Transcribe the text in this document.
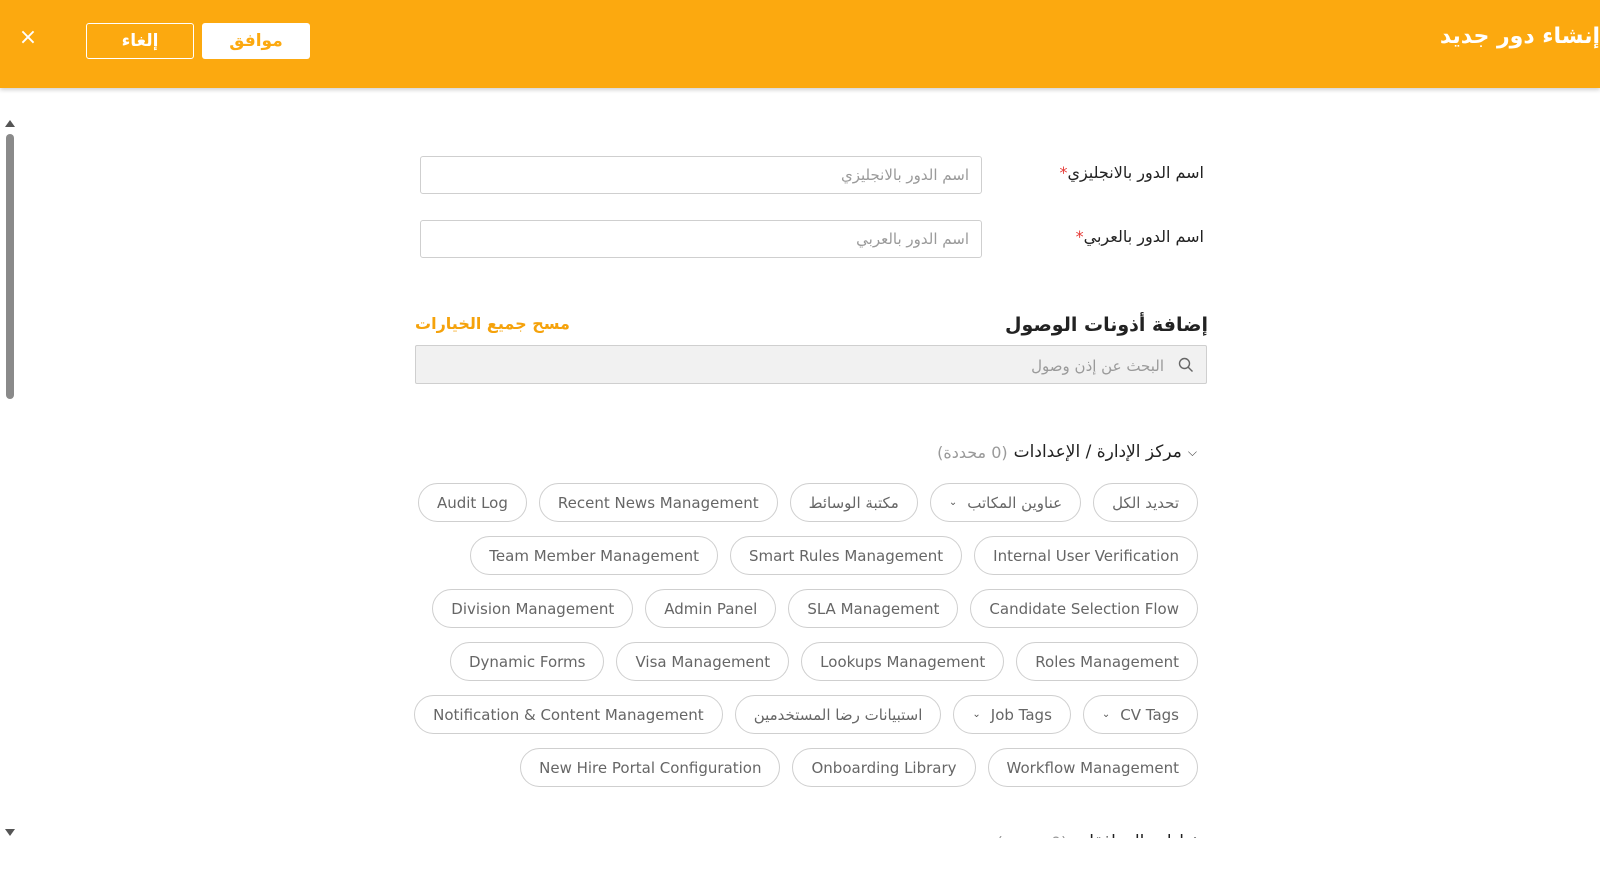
×	إلغاء	موافق	إنشاء دور جديد
اسم الدور بالانجليزي*
اسم الدور بالانجليزي
اسم الدور بالعربي*
اسم الدور بالعربي
إضافة أذونات الوصول
مسح جميع الخيارات
البحث عن إذن وصول
⌵
مركز الإدارة / الإعدادات
(0 محددة)
تحديد الكل
عناوين المكاتب
⌄
مكتبة الوسائط
Recent News Management
Audit Log
Internal User Verification
Smart Rules Management
Team Member Management
Candidate Selection Flow
SLA Management
Admin Panel
Division Management
Roles Management
Lookups Management
Visa Management
Dynamic Forms
CV Tags
⌄
Job Tags
⌄
استبيانات رضا المستخدمين
Notification & Content Management
Workflow Management
Onboarding Library
New Hire Portal Configuration
